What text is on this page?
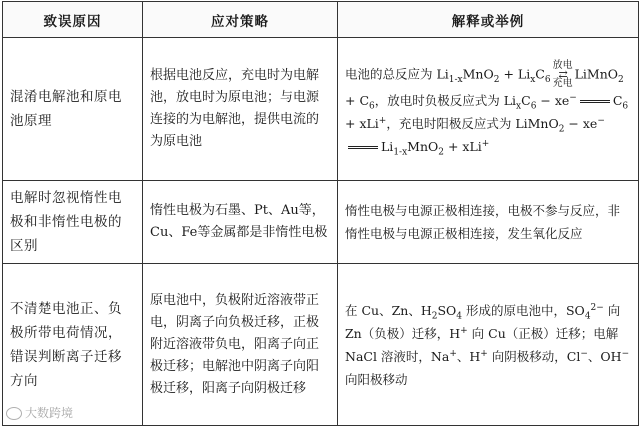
致误原因	应对策略	解释或举例
混淆电解池和原电池原理	根据电池反应，充电时为电解池，放电时为原电池；与电源连接的为电解池，提供电流的为原电池	电池的总反应为 $Li_{1-x}MnO_2 + Li_xC_6$放电
⇄
充电LiMnO$_2$ + $C_6$，放电时负极反应式为 $Li_xC_6 - xe^-$ $C_6 + xLi^+$，充电时阳极反应式为 LiMnO$_2$ − $xe^-Li_{1-x}MnO_2 + xLi^+$
电解时忽视惰性电极和非惰性电极的区别	惰性电极为石墨、Pt、Au等，Cu、Fe等金属都是非惰性电极	惰性电极与电源正极相连接，电极不参与反应，非惰性电极与电源正极相连接，发生氧化反应
不清楚电池正、负极所带电荷情况，错误判断离子迁移方向	原电池中，负极附近溶液带正电，阴离子向负极迁移，正极附近溶液带负电，阳离子向正极迁移；电解池中阴离子向阳极迁移，阳离子向阴极迁移	在 Cu、Zn、$H_2SO_4$ 形成的原电池中，$SO_4^{2-}$ 向 Zn（负极）迁移，H+ 向 Cu（正极）迁移；电解 NaCl 溶液时，Na+、H+ 向阴极移动，Cl−、OH− 向阳极移动
大数跨境
